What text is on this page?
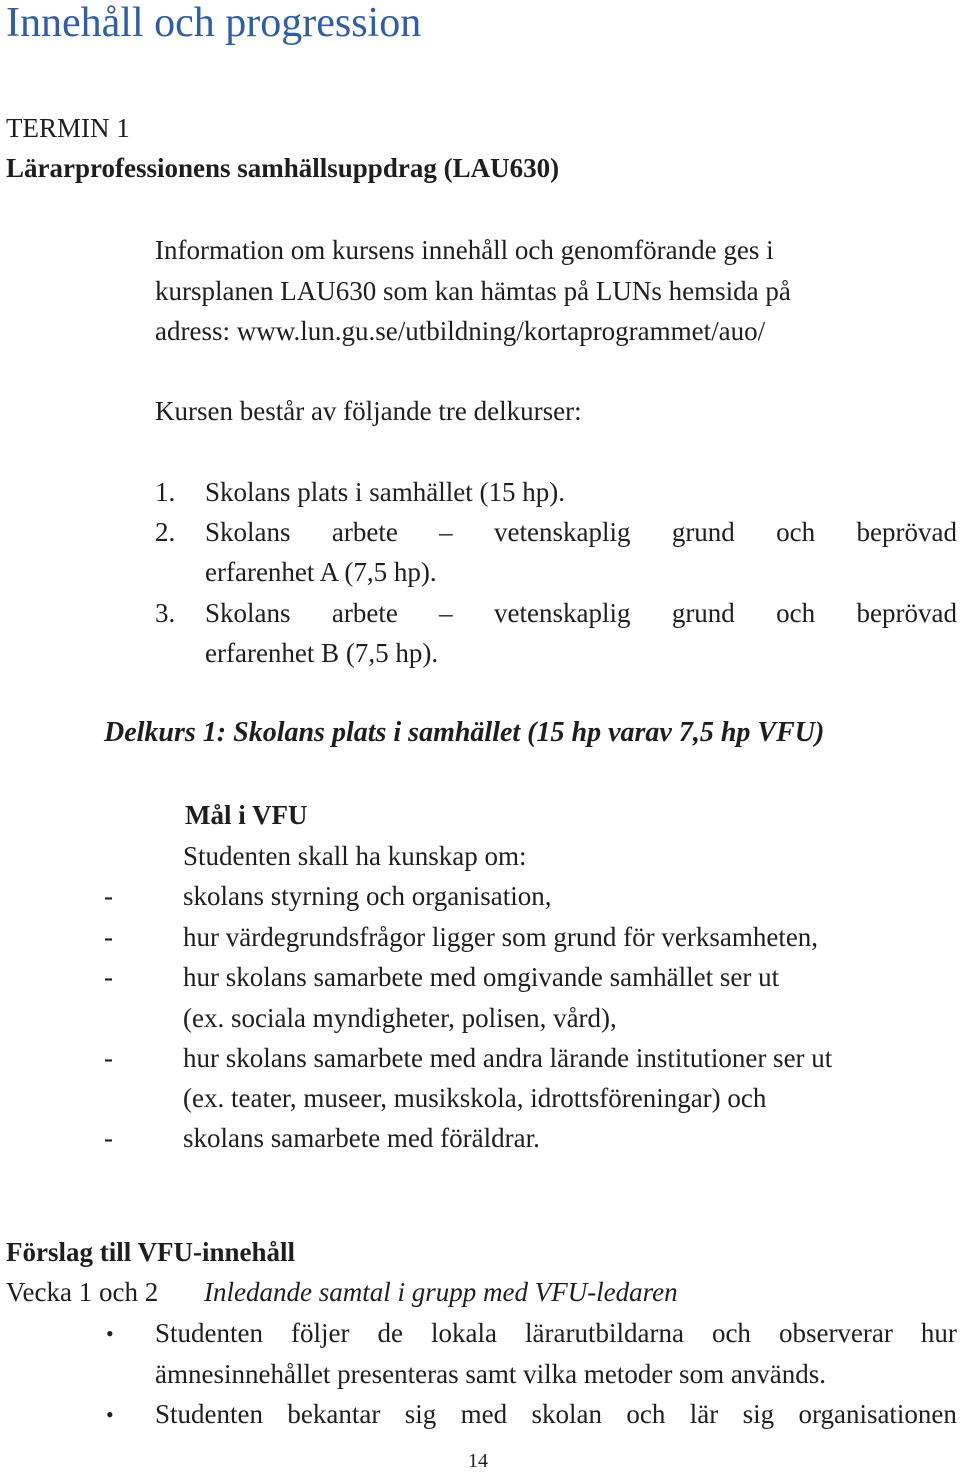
Innehåll och progression
TERMIN 1
Lärarprofessionens samhällsuppdrag (LAU630)
Information om kursens innehåll och genomförande ges i
kursplanen LAU630 som kan hämtas på LUNs hemsida på
adress: www.lun.gu.se/utbildning/kortaprogrammet/auo/
Kursen består av följande tre delkurser:
1. Skolans plats i samhället (15 hp).
2. Skolans arbete – vetenskaplig grund och beprövad
erfarenhet A (7,5 hp).
3. Skolans arbete – vetenskaplig grund och beprövad
erfarenhet B (7,5 hp).
Delkurs 1: Skolans plats i samhället (15 hp varav 7,5 hp VFU)
Mål i VFU
Studenten skall ha kunskap om:
-	skolans styrning och organisation,
-	hur värdegrundsfrågor ligger som grund för verksamheten,
-	hur skolans samarbete med omgivande samhället ser ut
(ex. sociala myndigheter, polisen, vård),
-	hur skolans samarbete med andra lärande institutioner ser ut
(ex. teater, museer, musikskola, idrottsföreningar) och
-	skolans samarbete med föräldrar.
Förslag till VFU-innehåll
Vecka 1 och 2 Inledande samtal i grupp med VFU-ledaren
• Studenten följer de lokala lärarutbildarna och observerar hur
ämnesinnehållet presenteras samt vilka metoder som används.
• Studenten bekantar sig med skolan och lär sig organisationen
14
